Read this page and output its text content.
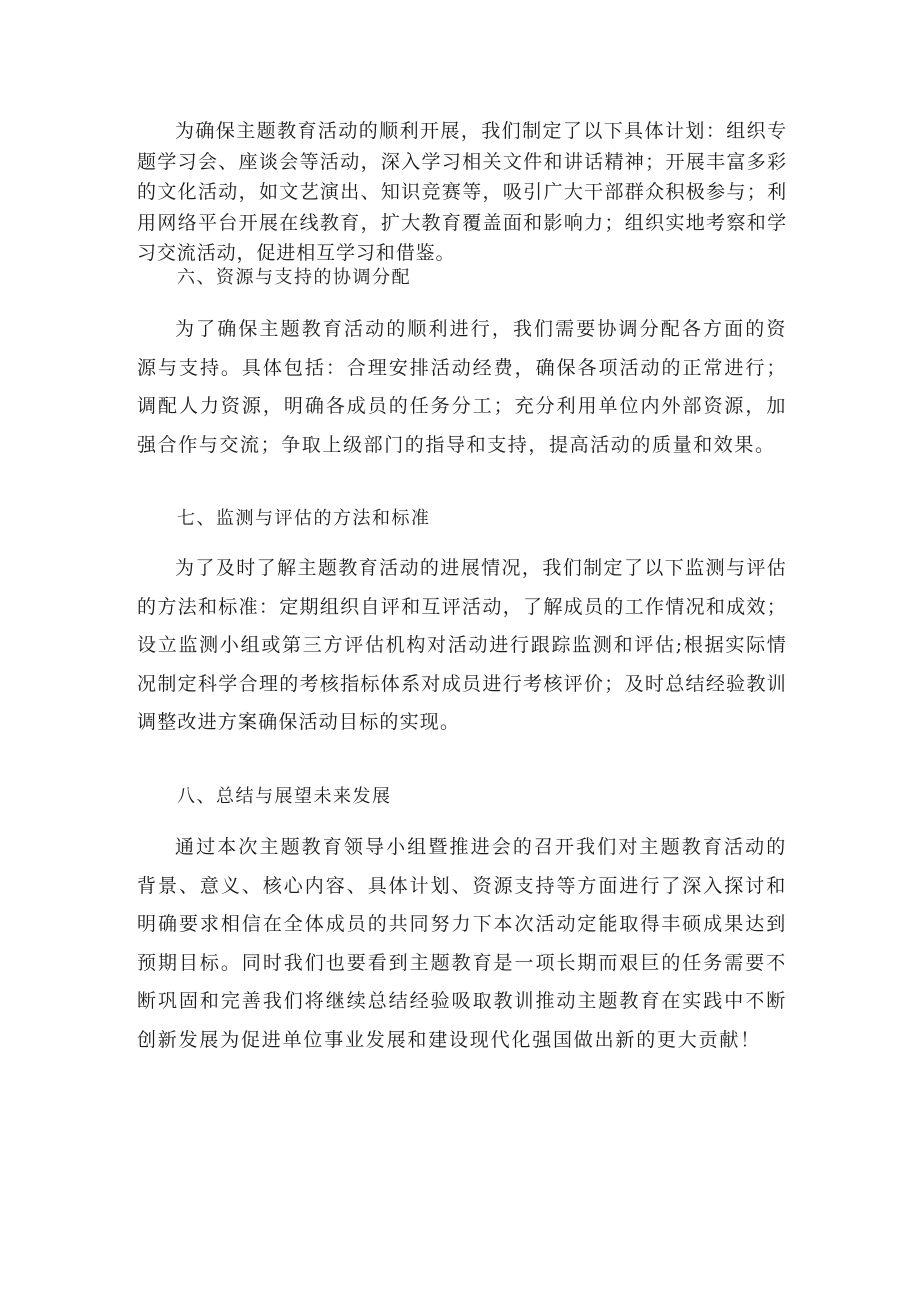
为确保主题教育活动的顺利开展，我们制定了以下具体计划：组织专题学习会、座谈会等活动，深入学习相关文件和讲话精神；开展丰富多彩的文化活动，如文艺演出、知识竞赛等，吸引广大干部群众积极参与；利用网络平台开展在线教育，扩大教育覆盖面和影响力；组织实地考察和学习交流活动，促进相互学习和借鉴。

六、资源与支持的协调分配

为了确保主题教育活动的顺利进行，我们需要协调分配各方面的资源与支持。具体包括：合理安排活动经费，确保各项活动的正常进行；调配人力资源，明确各成员的任务分工；充分利用单位内外部资源，加强合作与交流；争取上级部门的指导和支持，提高活动的质量和效果。

七、监测与评估的方法和标准

为了及时了解主题教育活动的进展情况，我们制定了以下监测与评估的方法和标准：定期组织自评和互评活动，了解成员的工作情况和成效；设立监测小组或第三方评估机构对活动进行跟踪监测和评估;根据实际情况制定科学合理的考核指标体系对成员进行考核评价；及时总结经验教训调整改进方案确保活动目标的实现。

八、总结与展望未来发展

通过本次主题教育领导小组暨推进会的召开我们对主题教育活动的背景、意义、核心内容、具体计划、资源支持等方面进行了深入探讨和明确要求相信在全体成员的共同努力下本次活动定能取得丰硕成果达到预期目标。同时我们也要看到主题教育是一项长期而艰巨的任务需要不断巩固和完善我们将继续总结经验吸取教训推动主题教育在实践中不断创新发展为促进单位事业发展和建设现代化强国做出新的更大贡献！
